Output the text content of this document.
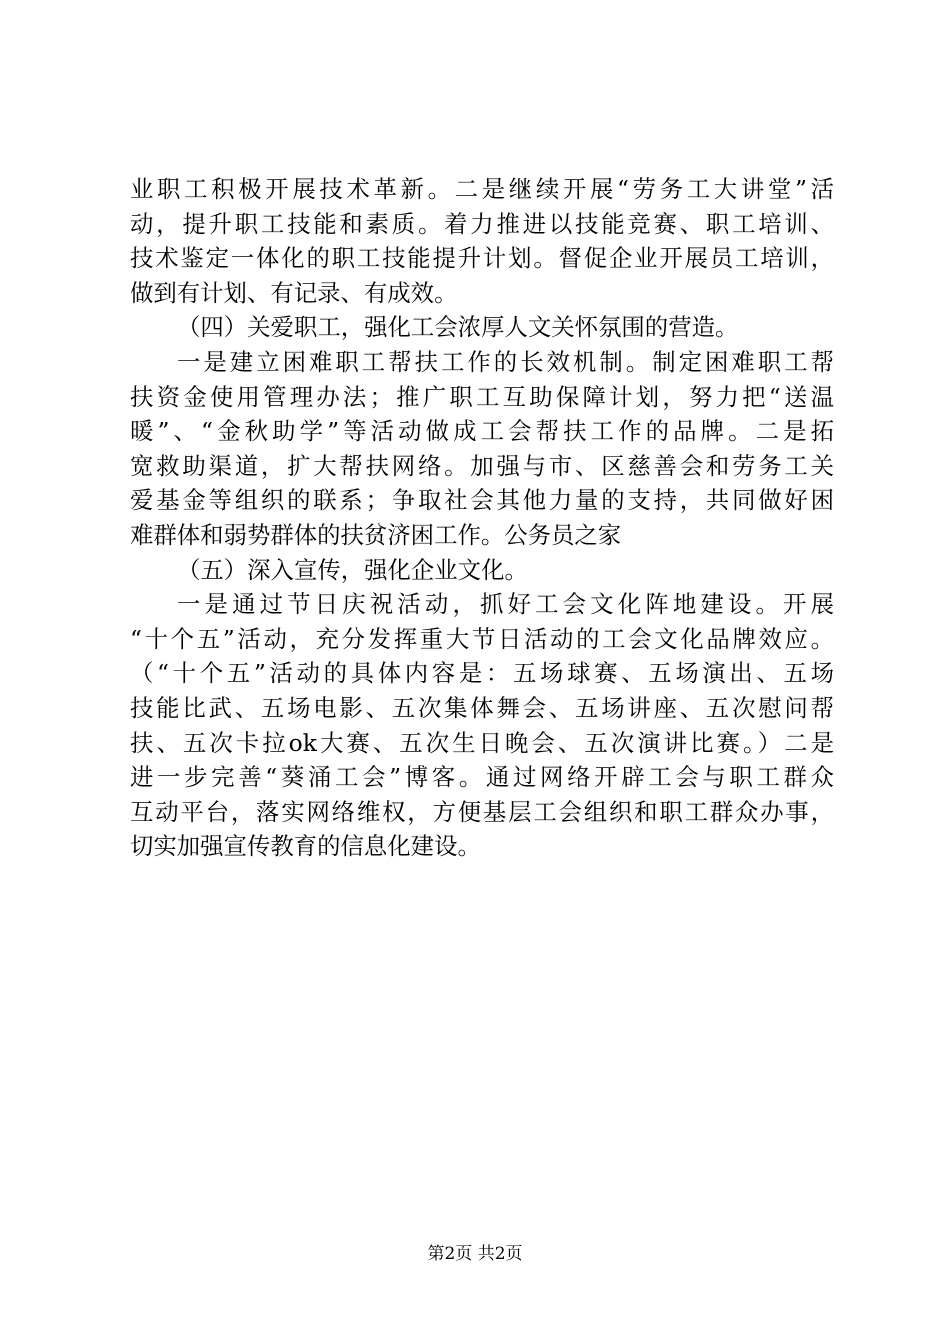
业职工积极开展技术革新。二是继续开展“劳务工大讲堂”活
动，提升职工技能和素质。着力推进以技能竞赛、职工培训、
技术鉴定一体化的职工技能提升计划。督促企业开展员工培训，
做到有计划、有记录、有成效。
（四）关爱职工，强化工会浓厚人文关怀氛围的营造。
一是建立困难职工帮扶工作的长效机制。制定困难职工帮
扶资金使用管理办法；推广职工互助保障计划，努力把“送温
暖”、“金秋助学”等活动做成工会帮扶工作的品牌。二是拓
宽救助渠道，扩大帮扶网络。加强与市、区慈善会和劳务工关
爱基金等组织的联系；争取社会其他力量的支持，共同做好困
难群体和弱势群体的扶贫济困工作。公务员之家
（五）深入宣传，强化企业文化。
一是通过节日庆祝活动，抓好工会文化阵地建设。开展
“十个五”活动，充分发挥重大节日活动的工会文化品牌效应。
（“十个五”活动的具体内容是：五场球赛、五场演出、五场
技能比武、五场电影、五次集体舞会、五场讲座、五次慰问帮
扶、五次卡拉ok大赛、五次生日晚会、五次演讲比赛。）二是
进一步完善“葵涌工会”博客。通过网络开辟工会与职工群众
互动平台，落实网络维权，方便基层工会组织和职工群众办事，
切实加强宣传教育的信息化建设。
第2页 共2页
